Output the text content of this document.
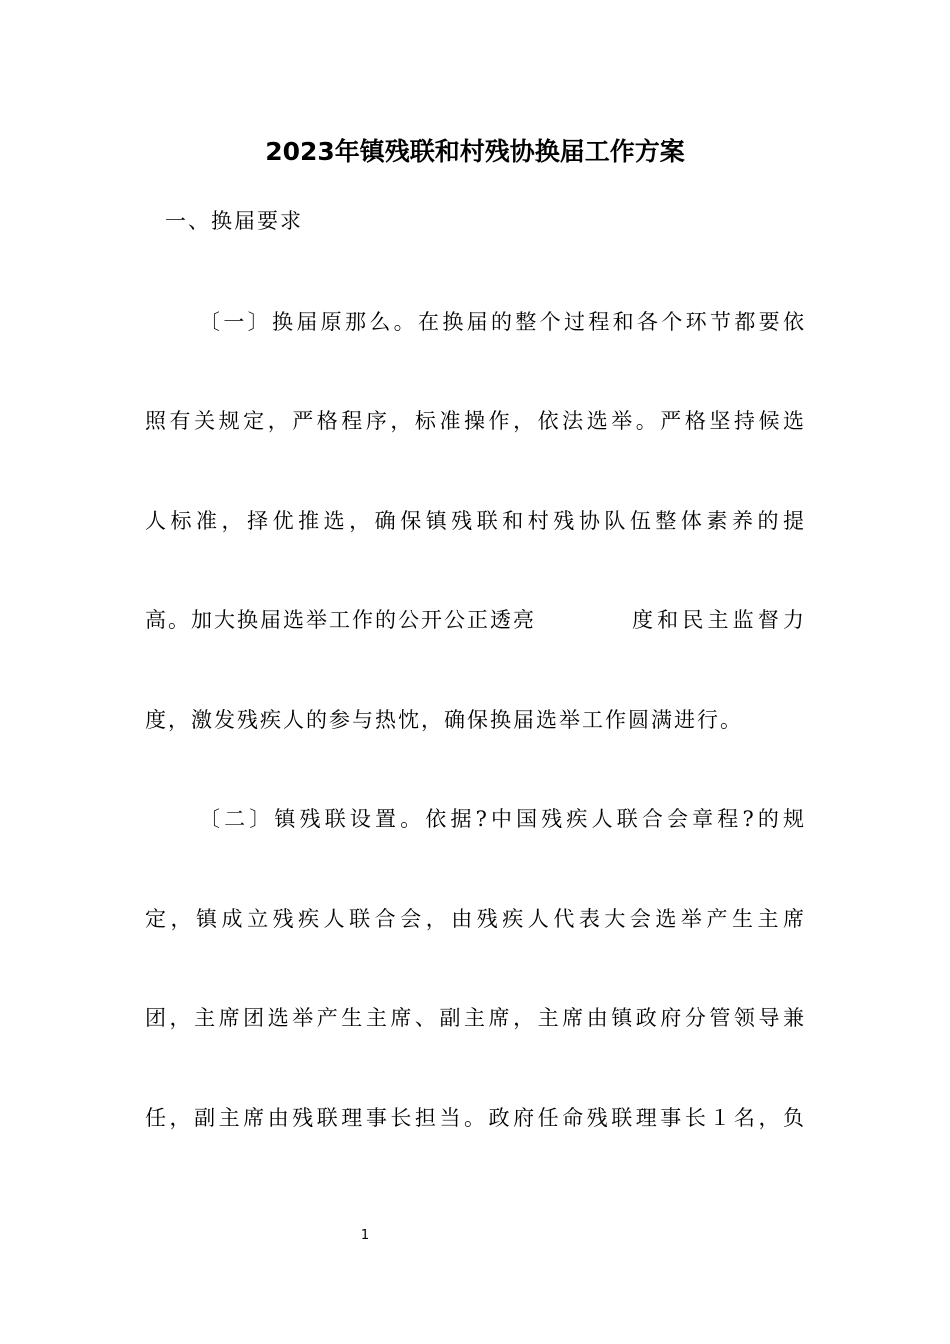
2023年镇残联和村残协换届工作方案
一、换届要求
〔一〕换届原那么。在换届的整个过程和各个环节都要依
照有关规定，严格程序，标准操作，依法选举。严格坚持候选
人标准，择优推选，确保镇残联和村残协队伍整体素养的提
高。加大换届选举工作的公开公正透亮	度和民主监督力
度，激发残疾人的参与热忱，确保换届选举工作圆满进行。
〔二〕镇残联设置。依据?中国残疾人联合会章程?的规
定，镇成立残疾人联合会，由残疾人代表大会选举产生主席
团，主席团选举产生主席、副主席，主席由镇政府分管领导兼
任，副主席由残联理事长担当。政府任命残联理事长１名，负
1
